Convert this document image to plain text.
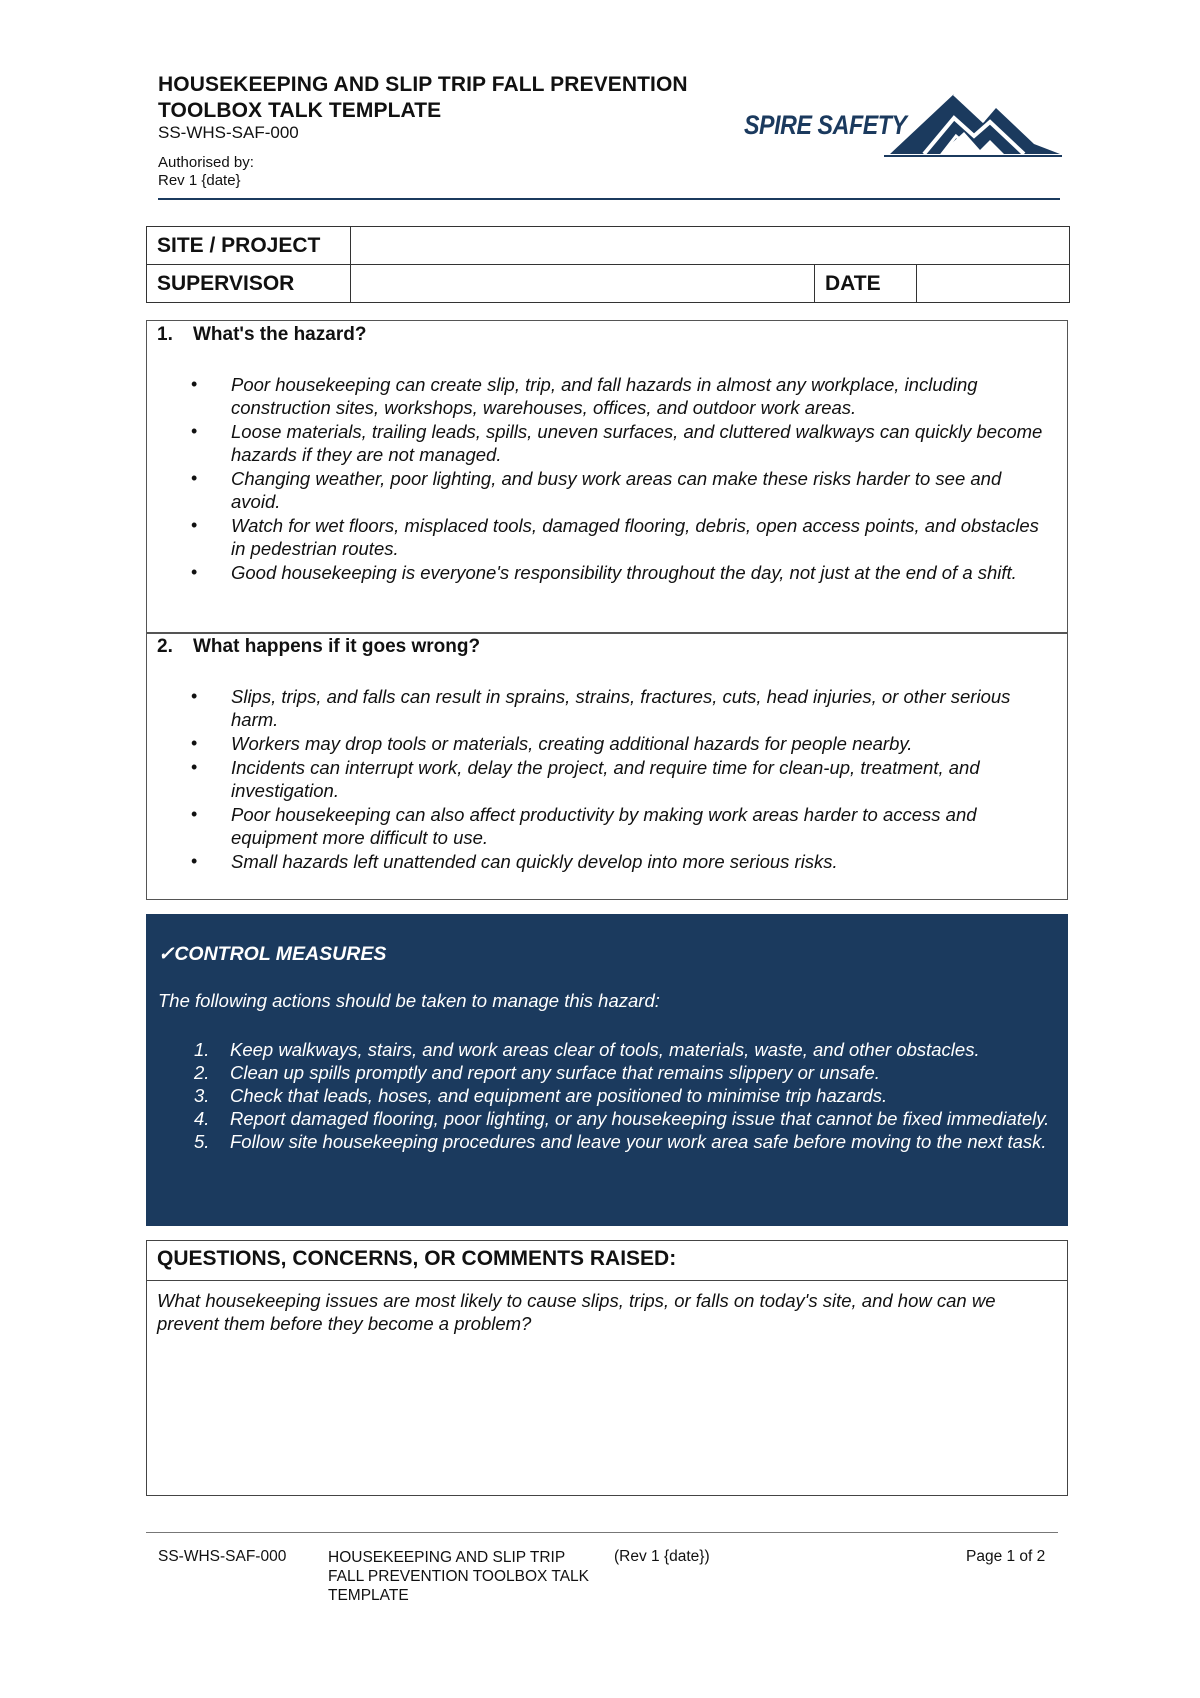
HOUSEKEEPING AND SLIP TRIP FALL PREVENTION
TOOLBOX TALK TEMPLATE
SS-WHS-SAF-000
Authorised by:
Rev 1 {date}
SPIRE SAFETY
SITE / PROJECT			
SUPERVISOR		DATE	
1. What's the hazard?
• Poor housekeeping can create slip, trip, and fall hazards in almost any workplace, including construction sites, workshops, warehouses, offices, and outdoor work areas.
• Loose materials, trailing leads, spills, uneven surfaces, and cluttered walkways can quickly become hazards if they are not managed.
• Changing weather, poor lighting, and busy work areas can make these risks harder to see and avoid.
• Watch for wet floors, misplaced tools, damaged flooring, debris, open access points, and obstacles in pedestrian routes.
• Good housekeeping is everyone's responsibility throughout the day, not just at the end of a shift.
2. What happens if it goes wrong?
• Slips, trips, and falls can result in sprains, strains, fractures, cuts, head injuries, or other serious harm.
• Workers may drop tools or materials, creating additional hazards for people nearby.
• Incidents can interrupt work, delay the project, and require time for clean-up, treatment, and investigation.
• Poor housekeeping can also affect productivity by making work areas harder to access and equipment more difficult to use.
• Small hazards left unattended can quickly develop into more serious risks.
✓CONTROL MEASURES
The following actions should be taken to manage this hazard:
1. Keep walkways, stairs, and work areas clear of tools, materials, waste, and other obstacles.
2. Clean up spills promptly and report any surface that remains slippery or unsafe.
3. Check that leads, hoses, and equipment are positioned to minimise trip hazards.
4. Report damaged flooring, poor lighting, or any housekeeping issue that cannot be fixed immediately.
5. Follow site housekeeping procedures and leave your work area safe before moving to the next task.
QUESTIONS, CONCERNS, OR COMMENTS RAISED:
What housekeeping issues are most likely to cause slips, trips, or falls on today's site, and how can we prevent them before they become a problem?
SS-WHS-SAF-000	HOUSEKEEPING AND SLIP TRIP FALL PREVENTION TOOLBOX TALK TEMPLATE
(Rev 1 {date})	Page 1 of 2
